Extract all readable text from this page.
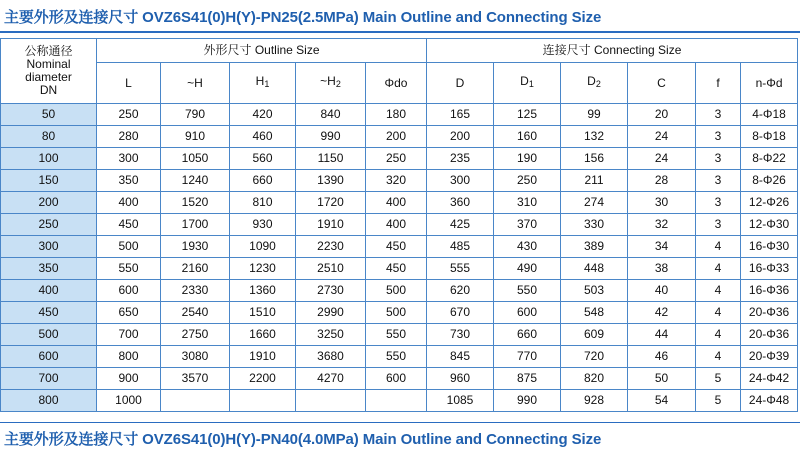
主要外形及连接尺寸 OVZ6S41(0)H(Y)-PN25(2.5MPa) Main Outline and Connecting Size
公称通径
Nominal
diameter
DN	外形尺寸 Outline Size					连接尺寸 Connecting Size					
	L	~H	H1	~H2	Φdo	D	D1	D2	C	f	n-Φd
50	250	790	420	840	180	165	125	99	20	3	4-Φ18
80	280	910	460	990	200	200	160	132	24	3	8-Φ18
100	300	1050	560	1150	250	235	190	156	24	3	8-Φ22
150	350	1240	660	1390	320	300	250	211	28	3	8-Φ26
200	400	1520	810	1720	400	360	310	274	30	3	12-Φ26
250	450	1700	930	1910	400	425	370	330	32	3	12-Φ30
300	500	1930	1090	2230	450	485	430	389	34	4	16-Φ30
350	550	2160	1230	2510	450	555	490	448	38	4	16-Φ33
400	600	2330	1360	2730	500	620	550	503	40	4	16-Φ36
450	650	2540	1510	2990	500	670	600	548	42	4	20-Φ36
500	700	2750	1660	3250	550	730	660	609	44	4	20-Φ36
600	800	3080	1910	3680	550	845	770	720	46	4	20-Φ39
700	900	3570	2200	4270	600	960	875	820	50	5	24-Φ42
800	1000					1085	990	928	54	5	24-Φ48
主要外形及连接尺寸 OVZ6S41(0)H(Y)-PN40(4.0MPa) Main Outline and Connecting Size
